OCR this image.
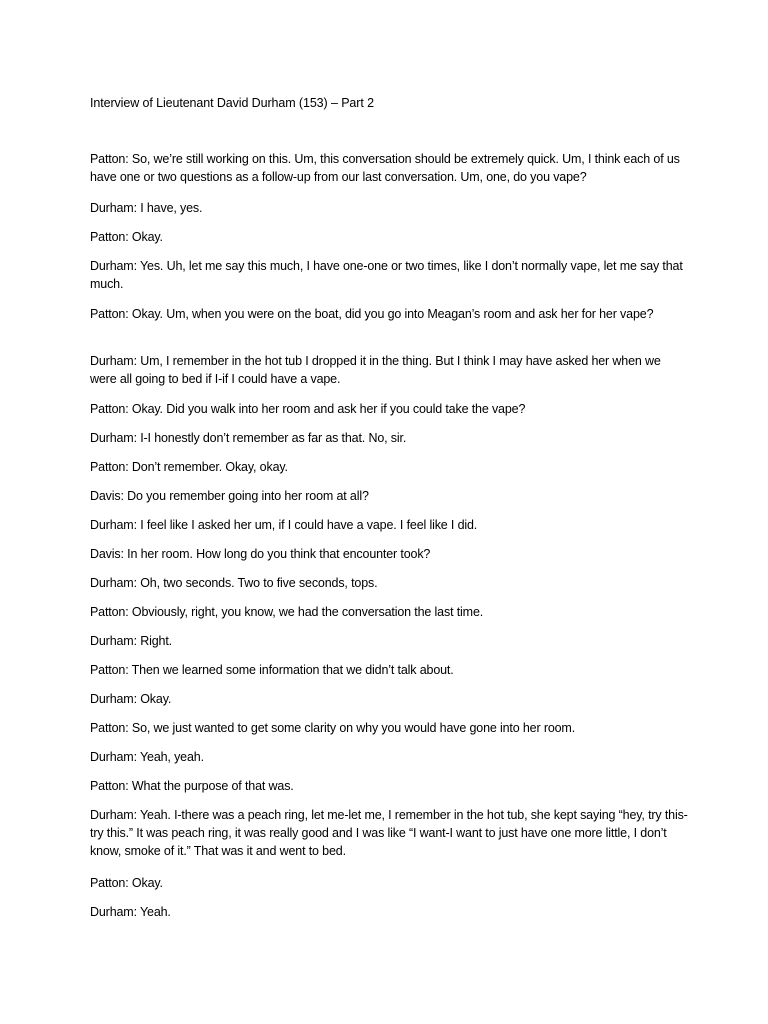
Interview of Lieutenant David Durham (153) – Part 2

Patton : So, we’re still working on this. Um, this conversation should be extremely quick. Um, I think each of us have one or two questions as a follow-up from our last conversation. Um, one, do you vape?

Durham : I have, yes.

Patton : Okay.

Durham : Yes. Uh, let me say this much, I have one-one or two times, like I don’t normally vape, let me say that much.

Patton : Okay. Um, when you were on the boat, did you go into Meagan’s room and ask her for her vape?

Durham : Um, I remember in the hot tub I dropped it in the thing. But I think I may have asked her when we were all going to bed if I-if I could have a vape.

Patton : Okay. Did you walk into her room and ask her if you could take the vape?

Durham : I-I honestly don’t remember as far as that. No, sir.

Patton : Don’t remember. Okay, okay.

Davis : Do you remember going into her room at all?

Durham : I feel like I asked her um, if I could have a vape. I feel like I did.

Davis : In her room. How long do you think that encounter took?

Durham : Oh, two seconds. Two to five seconds, tops.

Patton : Obviously, right, you know, we had the conversation the last time.

Durham : Right.

Patton : Then we learned some information that we didn’t talk about.

Durham : Okay.

Patton : So, we just wanted to get some clarity on why you would have gone into her room.

Durham : Yeah, yeah.

Patton : What the purpose of that was.

Durham : Yeah. I-there was a peach ring, let me-let me, I remember in the hot tub, she kept saying “hey, try this-try this.” It was peach ring, it was really good and I was like “I want-I want to just have one more little, I don’t know, smoke of it.” That was it and went to bed.

Patton : Okay.

Durham : Yeah.
